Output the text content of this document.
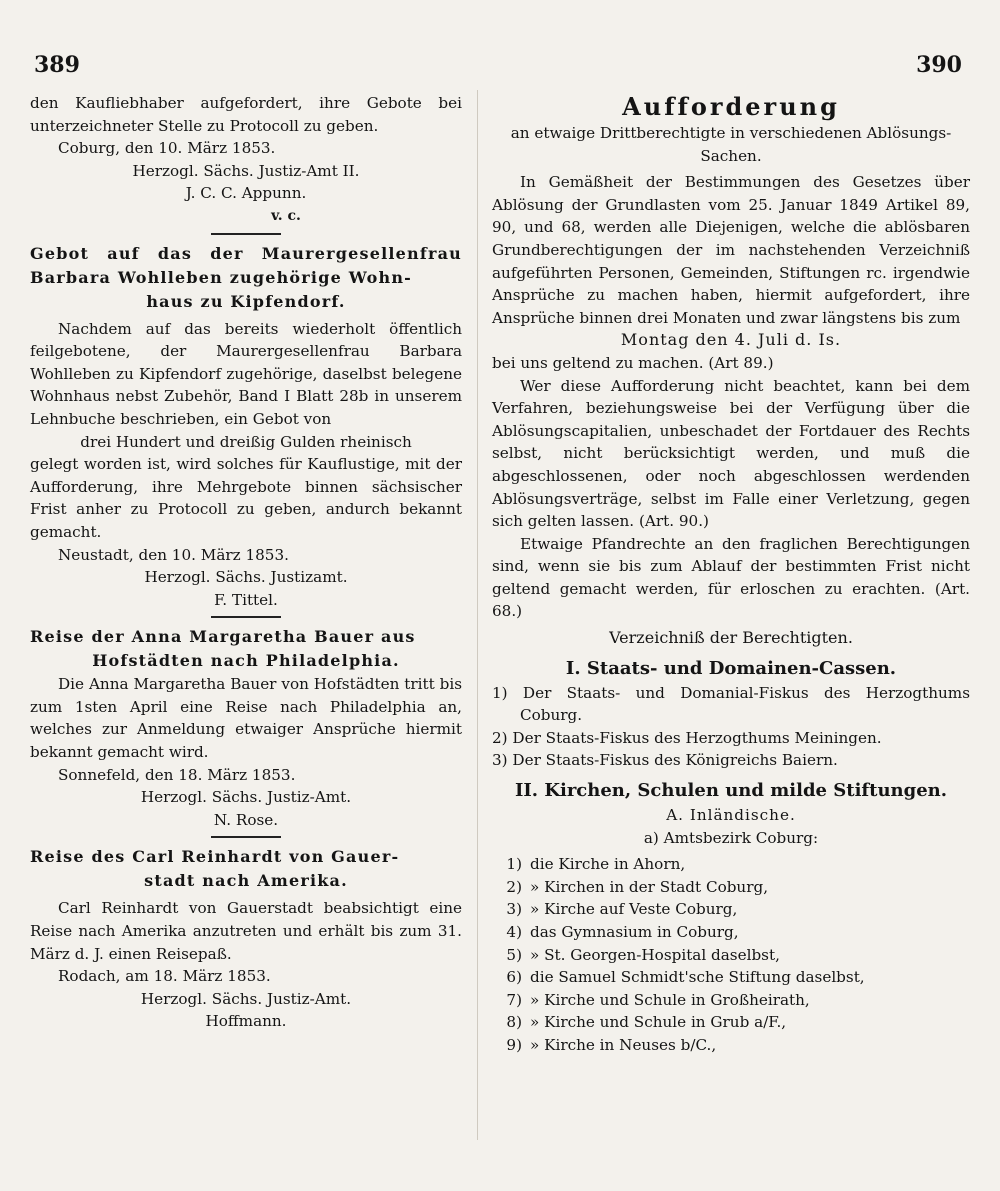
389	390

den Kaufliebhaber aufgefordert, ihre Gebote bei unterzeichneter Stelle zu Protocoll zu geben.

Coburg, den 10. März 1853.

Herzogl. Sächs. Justiz-Amt II.

J. C. C. Appunn.

v. c.

Gebot auf das der Maurergesellenfrau Barbara Wohlleben zugehörige Wohn-

haus zu Kipfendorf.

Nachdem auf das bereits wiederholt öffentlich feilgebotene, der Maurergesellenfrau Barbara Wohlleben zu Kipfendorf zugehörige, daselbst belegene Wohnhaus nebst Zubehör, Band I Blatt 28b in unserem Lehnbuche beschrieben, ein Gebot von

drei Hundert und dreißig Gulden rheinisch

gelegt worden ist, wird solches für Kauflustige, mit der Aufforderung, ihre Mehrgebote binnen sächsischer Frist anher zu Protocoll zu geben, andurch bekannt gemacht.

Neustadt, den 10. März 1853.

Herzogl. Sächs. Justizamt.

F. Tittel.

Reise der Anna Margaretha Bauer aus

Hofstädten nach Philadelphia.

Die Anna Margaretha Bauer von Hofstädten tritt bis zum 1sten April eine Reise nach Philadelphia an, welches zur Anmeldung etwaiger Ansprüche hiermit bekannt gemacht wird.

Sonnefeld, den 18. März 1853.

Herzogl. Sächs. Justiz-Amt.

N. Rose.

Reise des Carl Reinhardt von Gauer-

stadt nach Amerika.

Carl Reinhardt von Gauerstadt beabsichtigt eine Reise nach Amerika anzutreten und erhält bis zum 31. März d. J. einen Reisepaß.

Rodach, am 18. März 1853.

Herzogl. Sächs. Justiz-Amt.

Hoffmann.

Aufforderung

an etwaige Drittberechtigte in verschiedenen Ablösungs-Sachen.

In Gemäßheit der Bestimmungen des Gesetzes über Ablösung der Grundlasten vom 25. Januar 1849 Artikel 89, 90, und 68, werden alle Diejenigen, welche die ablösbaren Grundberechtigungen der im nachstehenden Verzeichniß aufgeführten Personen, Gemeinden, Stiftungen rc. irgendwie Ansprüche zu machen haben, hiermit aufgefordert, ihre Ansprüche binnen drei Monaten und zwar längstens bis zum

Montag den 4. Juli d. Is.

bei uns geltend zu machen. (Art 89.)

Wer diese Aufforderung nicht beachtet, kann bei dem Verfahren, beziehungsweise bei der Verfügung über die Ablösungscapitalien, unbeschadet der Fortdauer des Rechts selbst, nicht berücksichtigt werden, und muß die abgeschlossenen, oder noch abgeschlossen werdenden Ablösungsverträge, selbst im Falle einer Verletzung, gegen sich gelten lassen. (Art. 90.)

Etwaige Pfandrechte an den fraglichen Berechtigungen sind, wenn sie bis zum Ablauf der bestimmten Frist nicht geltend gemacht werden, für erloschen zu erachten. (Art. 68.)

Verzeichniß der Berechtigten.

I. Staats- und Domainen-Cassen.

1) Der Staats- und Domanial-Fiskus des Herzogthums Coburg.

2) Der Staats-Fiskus des Herzogthums Meiningen.

3) Der Staats-Fiskus des Königreichs Baiern.

II. Kirchen, Schulen und milde Stiftungen.

A. Inländische.

a) Amtsbezirk Coburg:

1) die Kirche in Ahorn,
2) » Kirchen in der Stadt Coburg,
3) » Kirche auf Veste Coburg,
4) das Gymnasium in Coburg,
5) » St. Georgen-Hospital daselbst,
6) die Samuel Schmidt'sche Stiftung daselbst,
7) » Kirche und Schule in Großheirath,
8) » Kirche und Schule in Grub a/F.,
9) » Kirche in Neuses b/C.,
